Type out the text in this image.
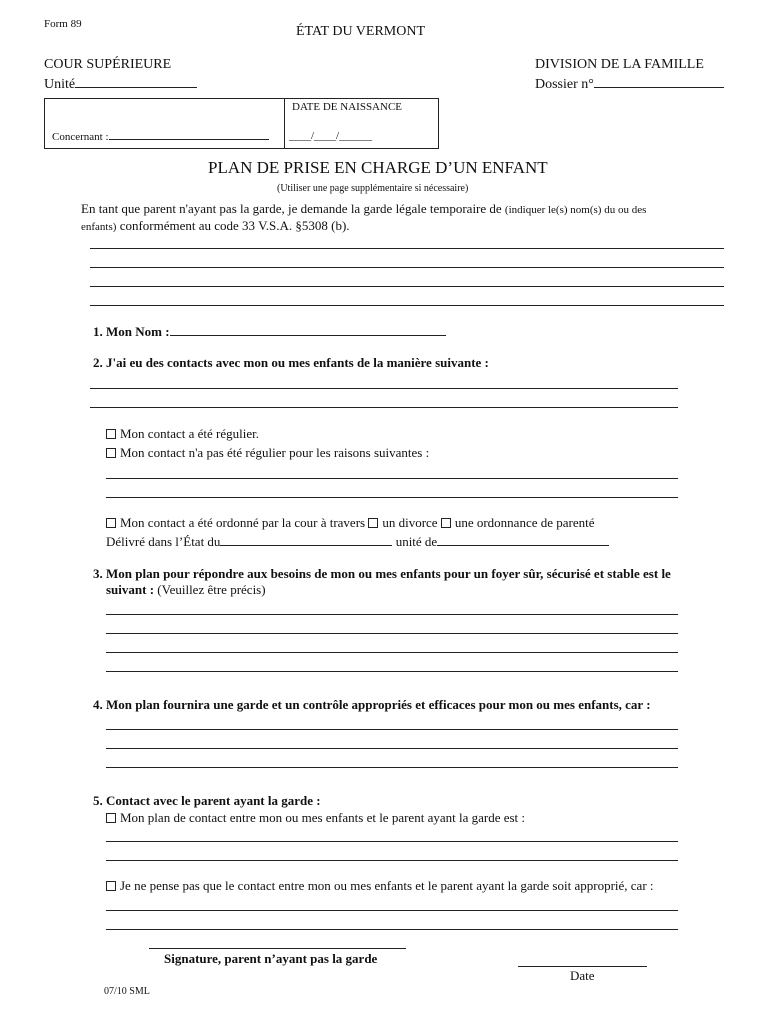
Form 89	ÉTAT DU VERMONT
COUR SUPÉRIEURE
Unité
DIVISION DE LA FAMILLE
Dossier n°
DATE DE NAISSANCE
Concernant :	____/____/______
PLAN DE PRISE EN CHARGE D’UN ENFANT
(Utiliser une page supplémentaire si nécessaire)
En tant que parent n'ayant pas la garde, je demande la garde légale temporaire de (indiquer le(s) nom(s) du ou des
enfants) conformément au code 33 V.S.A. §5308 (b).
1. Mon Nom :
2. J'ai eu des contacts avec mon ou mes enfants de la manière suivante :
Mon contact a été régulier.
Mon contact n'a pas été régulier pour les raisons suivantes :
Mon contact a été ordonné par la cour à travers un divorce une ordonnance de parenté
Délivré dans l’État du	unité de
3. Mon plan pour répondre aux besoins de mon ou mes enfants pour un foyer sûr, sécurisé et stable est le
suivant : (Veuillez être précis)
4. Mon plan fournira une garde et un contrôle appropriés et efficaces pour mon ou mes enfants, car :
5. Contact avec le parent ayant la garde :
Mon plan de contact entre mon ou mes enfants et le parent ayant la garde est :
Je ne pense pas que le contact entre mon ou mes enfants et le parent ayant la garde soit approprié, car :
Signature, parent n’ayant pas la garde
Date
07/10 SML
